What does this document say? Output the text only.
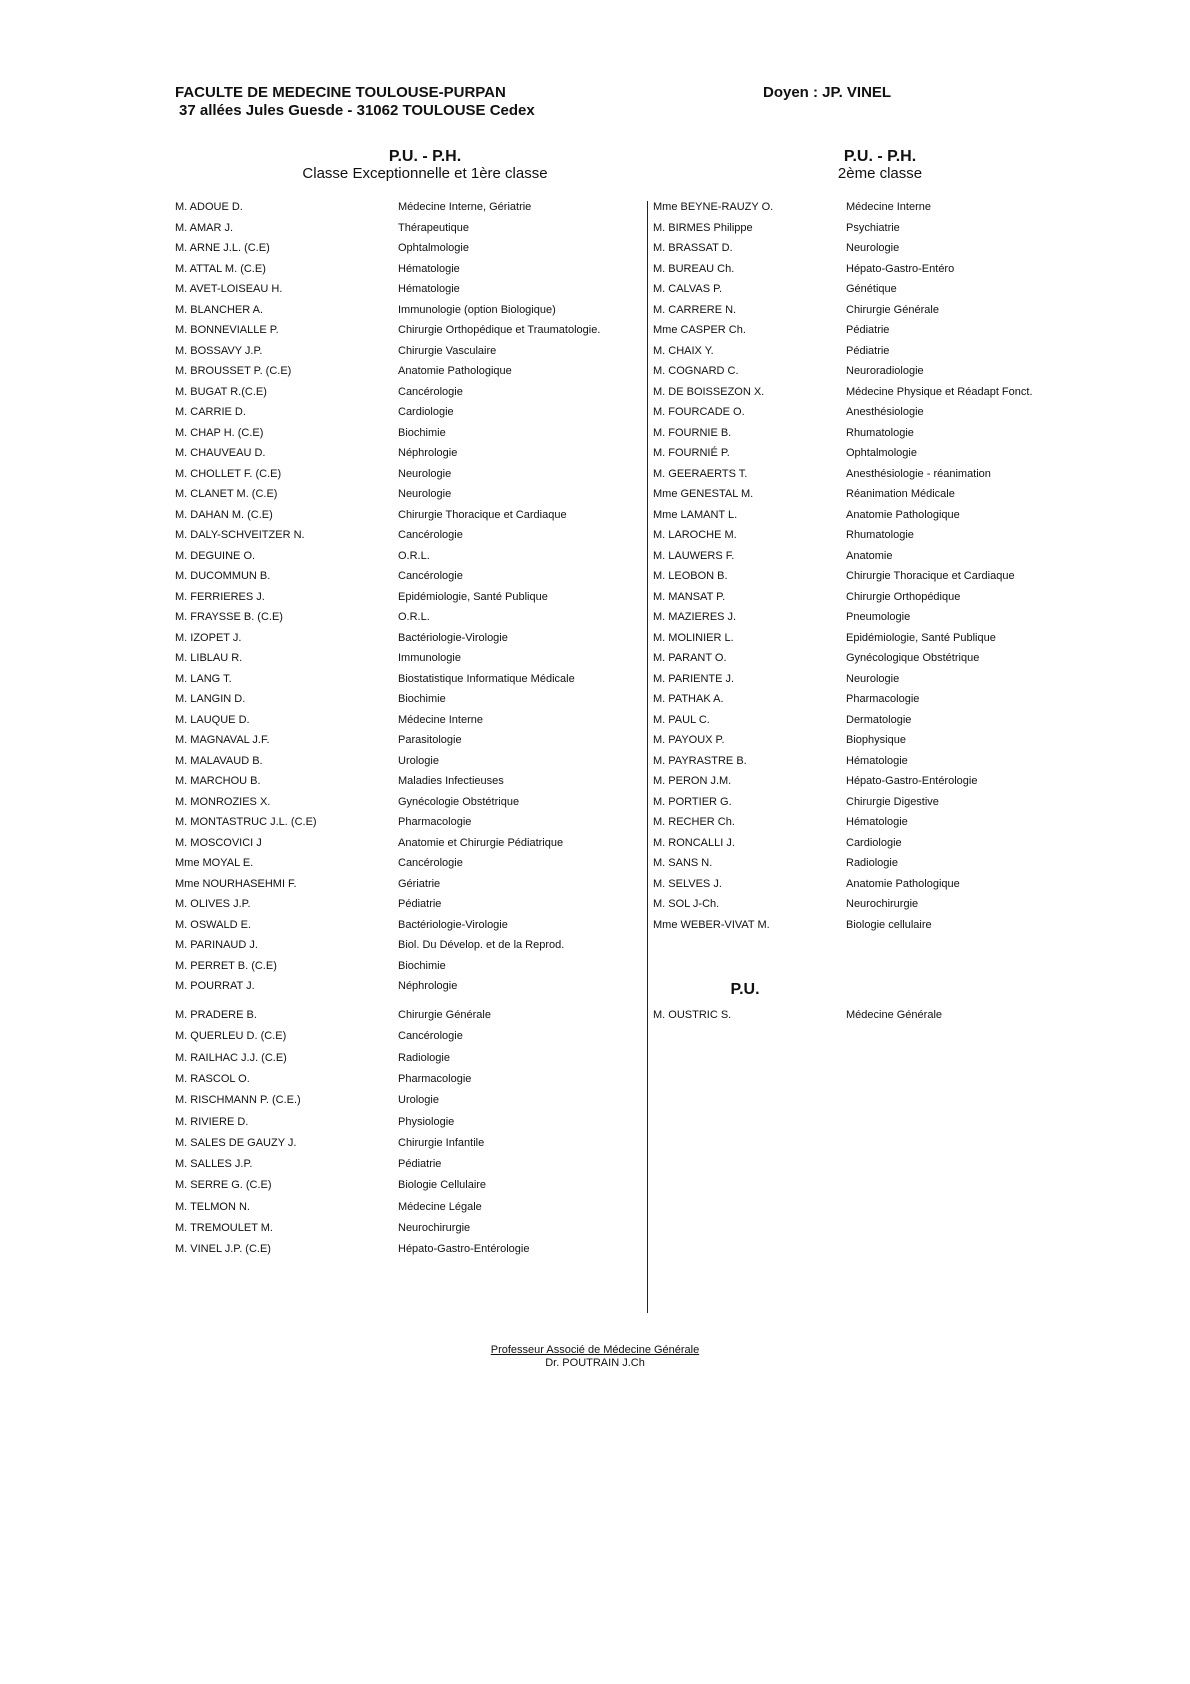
FACULTE DE MEDECINE TOULOUSE-PURPAN
37 allées Jules Guesde - 31062 TOULOUSE Cedex
Doyen : JP. VINEL
P.U. - P.H.
Classe Exceptionnelle et 1ère classe
P.U. - P.H.
2ème classe
M. ADOUE D.	Médecine Interne, Gériatrie
M. AMAR J.	Thérapeutique
M. ARNE J.L. (C.E)	Ophtalmologie
M. ATTAL M. (C.E)	Hématologie
M. AVET-LOISEAU H.	Hématologie
M. BLANCHER A.	Immunologie (option Biologique)
M. BONNEVIALLE P.	Chirurgie Orthopédique et Traumatologie.
M. BOSSAVY J.P.	Chirurgie Vasculaire
M. BROUSSET P. (C.E)	Anatomie Pathologique
M. BUGAT R.(C.E)	Cancérologie
M. CARRIE D.	Cardiologie
M. CHAP H. (C.E)	Biochimie
M. CHAUVEAU D.	Néphrologie
M. CHOLLET F. (C.E)	Neurologie
M. CLANET M. (C.E)	Neurologie
M. DAHAN M. (C.E)	Chirurgie Thoracique et Cardiaque
M. DALY-SCHVEITZER N.	Cancérologie
M. DEGUINE O.	O.R.L.
M. DUCOMMUN B.	Cancérologie
M. FERRIERES J.	Epidémiologie, Santé Publique
M. FRAYSSE B. (C.E)	O.R.L.
M. IZOPET J.	Bactériologie-Virologie
M. LIBLAU R.	Immunologie
M. LANG T.	Biostatistique Informatique Médicale
M. LANGIN D.	Biochimie
M. LAUQUE D.	Médecine Interne
M. MAGNAVAL J.F.	Parasitologie
M. MALAVAUD B.	Urologie
M. MARCHOU B.	Maladies Infectieuses
M. MONROZIES X.	Gynécologie Obstétrique
M. MONTASTRUC J.L. (C.E)	Pharmacologie
M. MOSCOVICI J	Anatomie et Chirurgie Pédiatrique
Mme MOYAL E.	Cancérologie
Mme NOURHASEHMI F.	Gériatrie
M. OLIVES J.P.	Pédiatrie
M. OSWALD E.	Bactériologie-Virologie
M. PARINAUD J.	Biol. Du Dévelop. et de la Reprod.
M. PERRET B. (C.E)	Biochimie
M. POURRAT J.	Néphrologie
M. PRADERE B.	Chirurgie Générale
M. QUERLEU D. (C.E)	Cancérologie
M. RAILHAC J.J. (C.E)	Radiologie
M. RASCOL O.	Pharmacologie
M. RISCHMANN P. (C.E.)	Urologie
M. RIVIERE D.	Physiologie
M. SALES DE GAUZY J.	Chirurgie Infantile
M. SALLES J.P.	Pédiatrie
M. SERRE G. (C.E)	Biologie Cellulaire
M. TELMON N.	Médecine Légale
M. TREMOULET M.	Neurochirurgie
M. VINEL J.P. (C.E)	Hépato-Gastro-Entérologie
Mme BEYNE-RAUZY O.	Médecine Interne
M. BIRMES Philippe	Psychiatrie
M. BRASSAT D.	Neurologie
M. BUREAU Ch.	Hépato-Gastro-Entéro
M. CALVAS P.	Génétique
M. CARRERE N.	Chirurgie Générale
Mme CASPER Ch.	Pédiatrie
M. CHAIX Y.	Pédiatrie
M. COGNARD C.	Neuroradiologie
M. DE BOISSEZON X.	Médecine Physique et Réadapt Fonct.
M. FOURCADE O.	Anesthésiologie
M. FOURNIE B.	Rhumatologie
M. FOURNIÉ P.	Ophtalmologie
M. GEERAERTS T.	Anesthésiologie - réanimation
Mme GENESTAL M.	Réanimation Médicale
Mme LAMANT L.	Anatomie Pathologique
M. LAROCHE M.	Rhumatologie
M. LAUWERS F.	Anatomie
M. LEOBON B.	Chirurgie Thoracique et Cardiaque
M. MANSAT P.	Chirurgie Orthopédique
M. MAZIERES J.	Pneumologie
M. MOLINIER L.	Epidémiologie, Santé Publique
M. PARANT O.	Gynécologique Obstétrique
M. PARIENTE J.	Neurologie
M. PATHAK A.	Pharmacologie
M. PAUL C.	Dermatologie
M. PAYOUX P.	Biophysique
M. PAYRASTRE B.	Hématologie
M. PERON J.M.	Hépato-Gastro-Entérologie
M. PORTIER G.	Chirurgie Digestive
M. RECHER Ch.	Hématologie
M. RONCALLI J.	Cardiologie
M. SANS N.	Radiologie
M. SELVES J.	Anatomie Pathologique
M. SOL J-Ch.	Neurochirurgie
Mme WEBER-VIVAT M.	Biologie cellulaire
P.U.
M. OUSTRIC S.	Médecine Générale
Professeur Associé de Médecine Générale
Dr. POUTRAIN J.Ch
